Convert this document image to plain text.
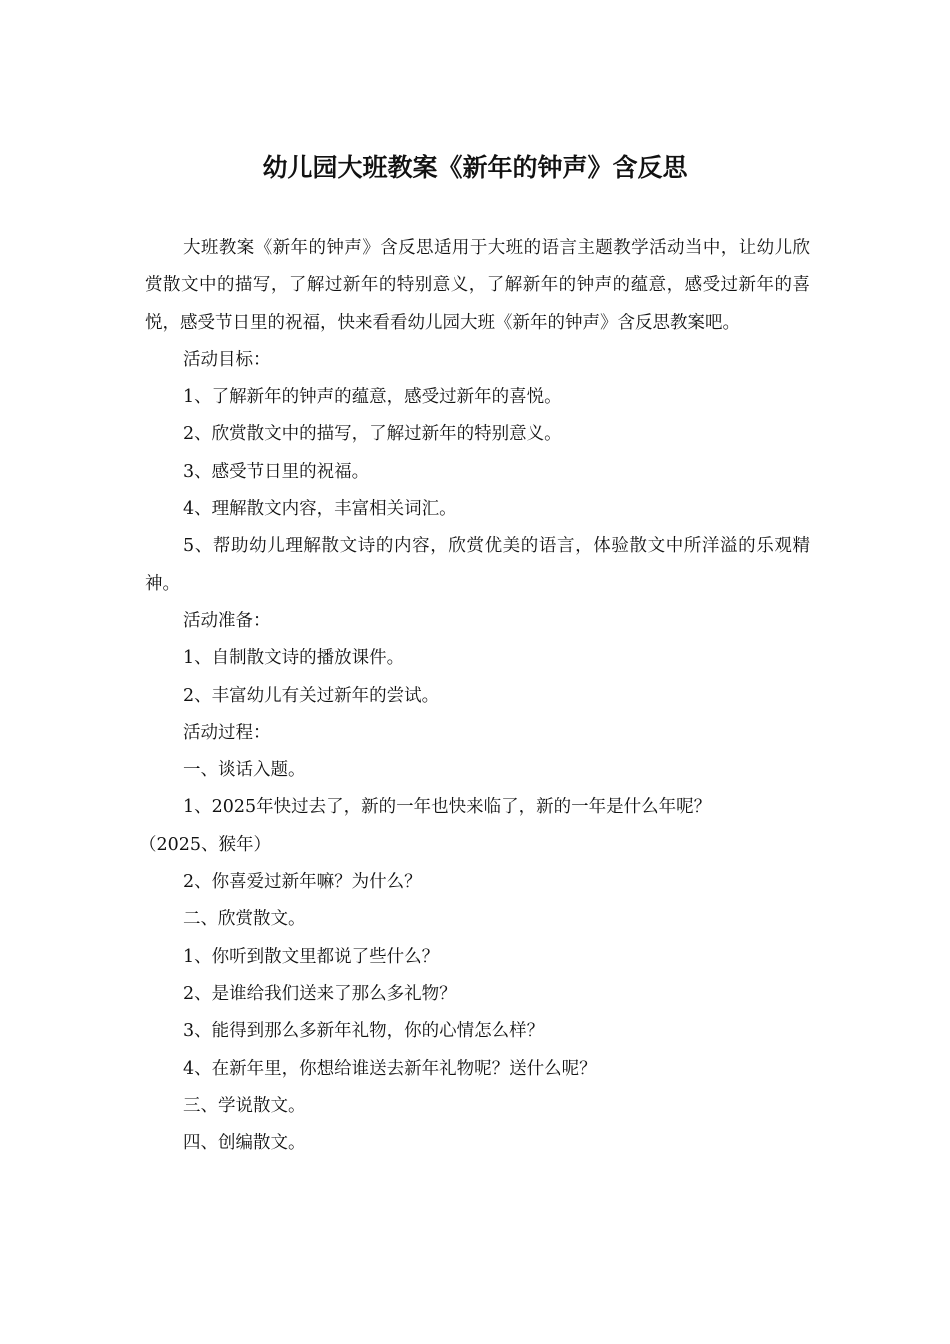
幼儿园大班教案《新年的钟声》含反思

大班教案《新年的钟声》含反思适用于大班的语言主题教学活动当中，让幼儿欣赏散文中的描写，了解过新年的特别意义，了解新年的钟声的蕴意，感受过新年的喜悦，感受节日里的祝福，快来看看幼儿园大班《新年的钟声》含反思教案吧。

活动目标：

1、了解新年的钟声的蕴意，感受过新年的喜悦。

2、欣赏散文中的描写，了解过新年的特别意义。

3、感受节日里的祝福。

4、理解散文内容，丰富相关词汇。

5、帮助幼儿理解散文诗的内容，欣赏优美的语言，体验散文中所洋溢的乐观精神。

活动准备：

1、自制散文诗的播放课件。

2、丰富幼儿有关过新年的尝试。

活动过程：

一、谈话入题。

1、2025年快过去了，新的一年也快来临了，新的一年是什么年呢？

（2025、猴年）

2、你喜爱过新年嘛？为什么？

二、欣赏散文。

1、你听到散文里都说了些什么？

2、是谁给我们送来了那么多礼物？

3、能得到那么多新年礼物，你的心情怎么样？

4、在新年里，你想给谁送去新年礼物呢？送什么呢？

三、学说散文。

四、创编散文。
